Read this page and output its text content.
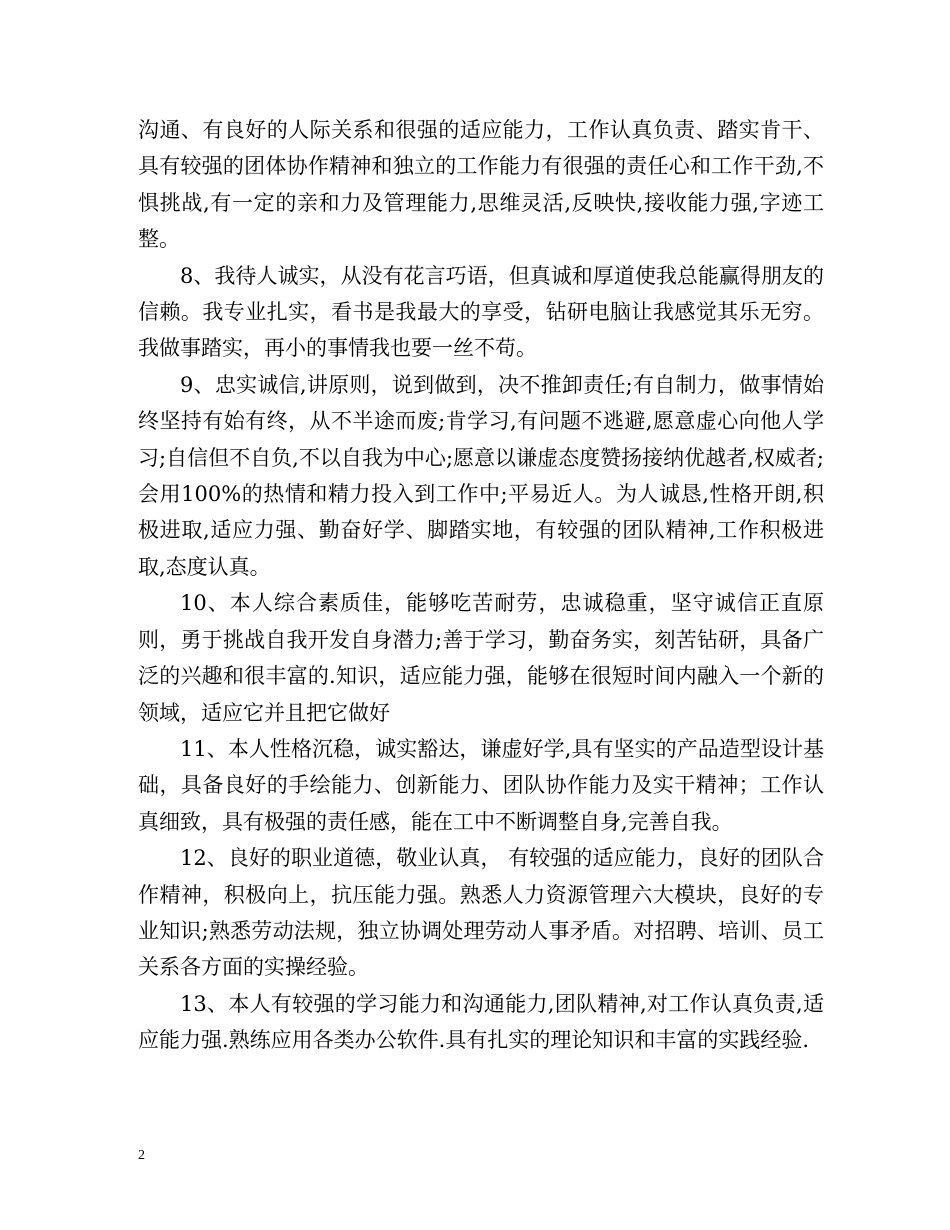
沟通、有良好的人际关系和很强的适应能力，工作认真负责、踏实肯干、具有较强的团体协作精神和独立的工作能力有很强的责任心和工作干劲,不惧挑战,有一定的亲和力及管理能力,思维灵活,反映快,接收能力强,字迹工整。

8、我待人诚实，从没有花言巧语，但真诚和厚道使我总能赢得朋友的信赖。我专业扎实，看书是我最大的享受，钻研电脑让我感觉其乐无穷。我做事踏实，再小的事情我也要一丝不苟。

9、忠实诚信,讲原则，说到做到，决不推卸责任;有自制力，做事情始终坚持有始有终，从不半途而废;肯学习,有问题不逃避,愿意虚心向他人学习;自信但不自负,不以自我为中心;愿意以谦虚态度赞扬接纳优越者,权威者;会用100%的热情和精力投入到工作中;平易近人。为人诚恳,性格开朗,积极进取,适应力强、勤奋好学、脚踏实地，有较强的团队精神,工作积极进取,态度认真。

10、本人综合素质佳，能够吃苦耐劳，忠诚稳重，坚守诚信正直原则，勇于挑战自我开发自身潜力;善于学习，勤奋务实，刻苦钻研，具备广泛的兴趣和很丰富的.知识，适应能力强，能够在很短时间内融入一个新的领域，适应它并且把它做好

11、本人性格沉稳，诚实豁达，谦虚好学,具有坚实的产品造型设计基础，具备良好的手绘能力、创新能力、团队协作能力及实干精神；工作认真细致，具有极强的责任感，能在工中不断调整自身,完善自我。

12、良好的职业道德，敬业认真， 有较强的适应能力，良好的团队合作精神，积极向上，抗压能力强。熟悉人力资源管理六大模块，良好的专业知识;熟悉劳动法规，独立协调处理劳动人事矛盾。对招聘、培训、员工关系各方面的实操经验。

13、本人有较强的学习能力和沟通能力,团队精神,对工作认真负责,适应能力强.熟练应用各类办公软件.具有扎实的理论知识和丰富的实践经验.

2
